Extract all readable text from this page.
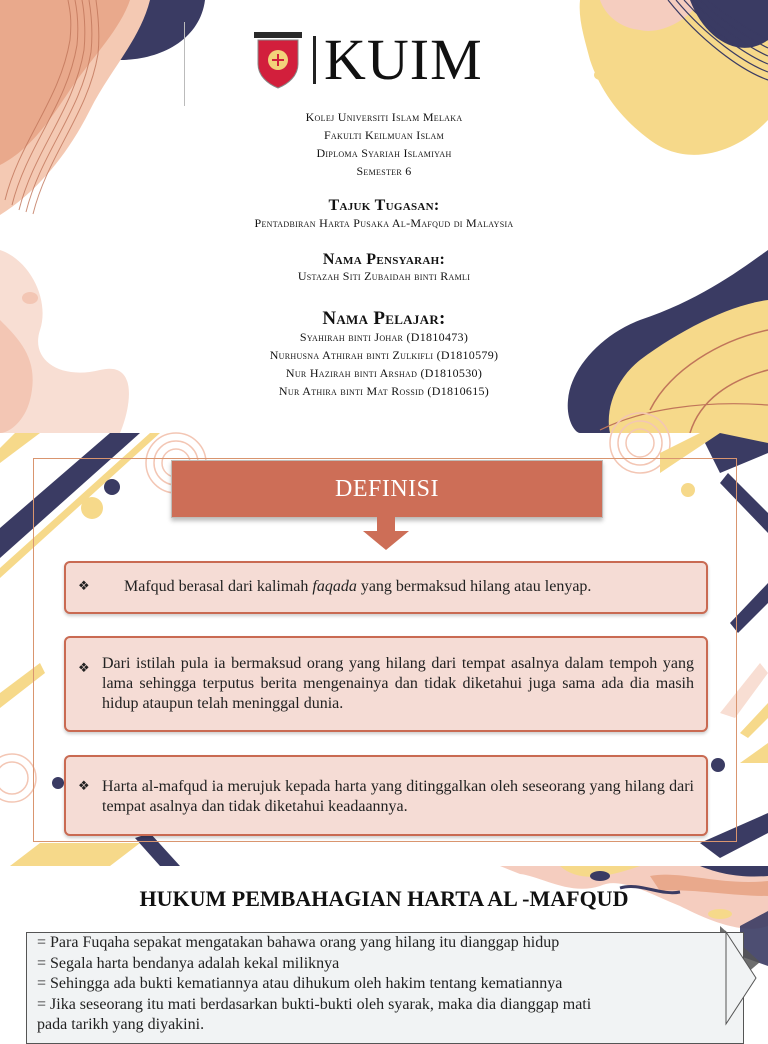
KUIM
Kolej Universiti Islam Melaka
Fakulti Keilmuan Islam
Diploma Syariah Islamiyah
Semester 6
Tajuk Tugasan:
Pentadbiran Harta Pusaka Al-Mafqud di Malaysia
Nama Pensyarah:
Ustazah Siti Zubaidah binti Ramli
Nama Pelajar:
Syahirah binti Johar (D1810473)
Nurhusna Athirah binti Zulkifli (D1810579)
Nur Hazirah binti Arshad (D1810530)
Nur Athira binti Mat Rossid (D1810615)
DEFINISI
❖ Mafqud berasal dari kalimah faqada yang bermaksud hilang atau lenyap.
❖ Dari istilah pula ia bermaksud orang yang hilang dari tempat asalnya dalam tempoh yang lama sehingga terputus berita mengenainya dan tidak diketahui juga sama ada dia masih hidup ataupun telah meninggal dunia.
❖ Harta al-mafqud ia merujuk kepada harta yang ditinggalkan oleh seseorang yang hilang dari tempat asalnya dan tidak diketahui keadaannya.
HUKUM PEMBAHAGIAN HARTA AL -MAFQUD
= Para Fuqaha sepakat mengatakan bahawa orang yang hilang itu dianggap hidup
= Segala harta bendanya adalah kekal miliknya
= Sehingga ada bukti kematiannya atau dihukum oleh hakim tentang kematiannya
= Jika seseorang itu mati berdasarkan bukti-bukti oleh syarak, maka dia dianggap mati
pada tarikh yang diyakini.
